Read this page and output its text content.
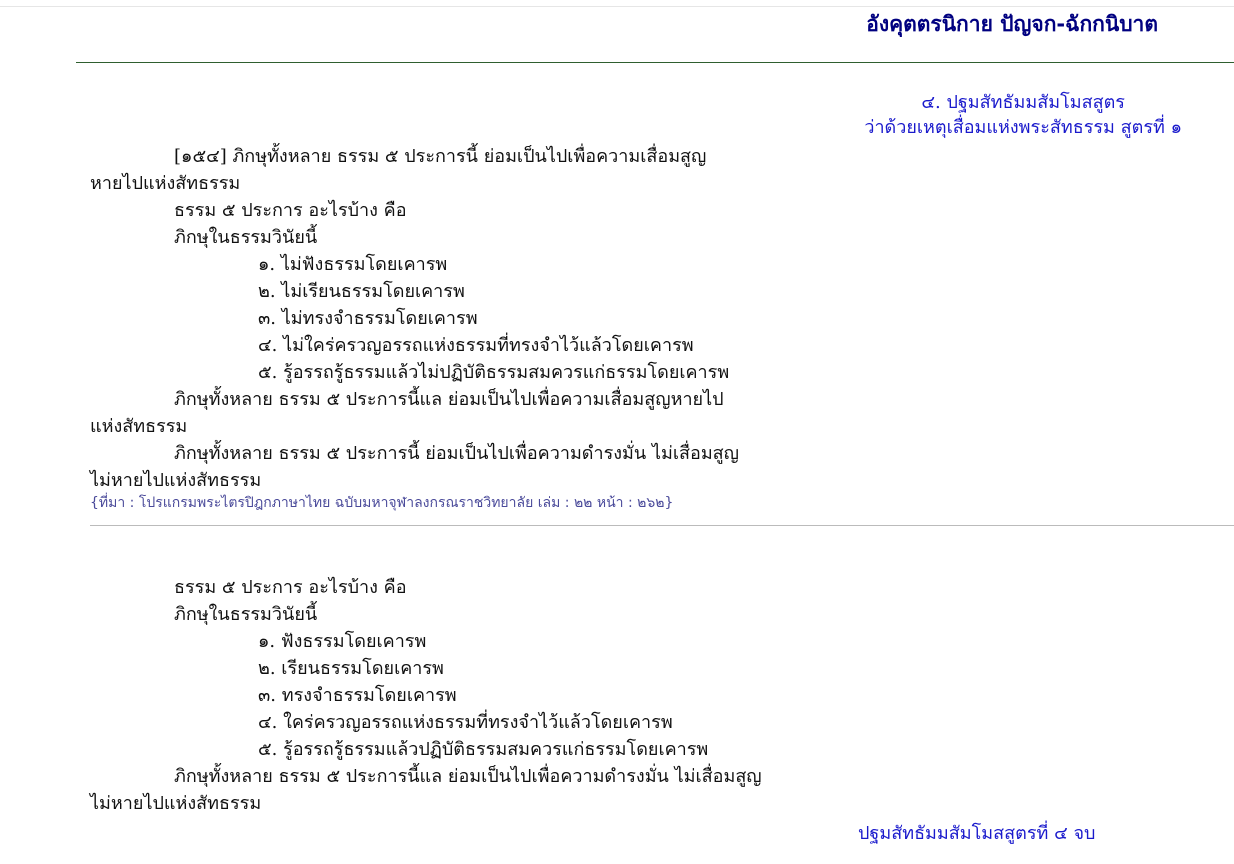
อังคุตตรนิกาย ปัญจก-ฉักกนิบาต
๔. ปฐมสัทธัมมสัมโมสสูตร
ว่าด้วยเหตุเสื่อมแห่งพระสัทธรรม สูตรที่ ๑
[๑๕๔] ภิกษุทั้งหลาย ธรรม ๕ ประการนี้ ย่อมเป็นไปเพื่อความเสื่อมสูญ
หายไปแห่งสัทธรรม
ธรรม ๕ ประการ อะไรบ้าง คือ
ภิกษุในธรรมวินัยนี้
๑. ไม่ฟังธรรมโดยเคารพ
๒. ไม่เรียนธรรมโดยเคารพ
๓. ไม่ทรงจำธรรมโดยเคารพ
๔. ไม่ใคร่ครวญอรรถแห่งธรรมที่ทรงจำไว้แล้วโดยเคารพ
๕. รู้อรรถรู้ธรรมแล้วไม่ปฏิบัติธรรมสมควรแก่ธรรมโดยเคารพ
ภิกษุทั้งหลาย ธรรม ๕ ประการนี้แล ย่อมเป็นไปเพื่อความเสื่อมสูญหายไป
แห่งสัทธรรม
ภิกษุทั้งหลาย ธรรม ๕ ประการนี้ ย่อมเป็นไปเพื่อความดำรงมั่น ไม่เสื่อมสูญ
ไม่หายไปแห่งสัทธรรม
{ที่มา : โปรแกรมพระไตรปิฎกภาษาไทย ฉบับมหาจุฬาลงกรณราชวิทยาลัย เล่ม : ๒๒ หน้า : ๒๖๒}
ธรรม ๕ ประการ อะไรบ้าง คือ
ภิกษุในธรรมวินัยนี้
๑. ฟังธรรมโดยเคารพ
๒. เรียนธรรมโดยเคารพ
๓. ทรงจำธรรมโดยเคารพ
๔. ใคร่ครวญอรรถแห่งธรรมที่ทรงจำไว้แล้วโดยเคารพ
๕. รู้อรรถรู้ธรรมแล้วปฏิบัติธรรมสมควรแก่ธรรมโดยเคารพ
ภิกษุทั้งหลาย ธรรม ๕ ประการนี้แล ย่อมเป็นไปเพื่อความดำรงมั่น ไม่เสื่อมสูญ
ไม่หายไปแห่งสัทธรรม
ปฐมสัทธัมมสัมโมสสูตรที่ ๔ จบ
